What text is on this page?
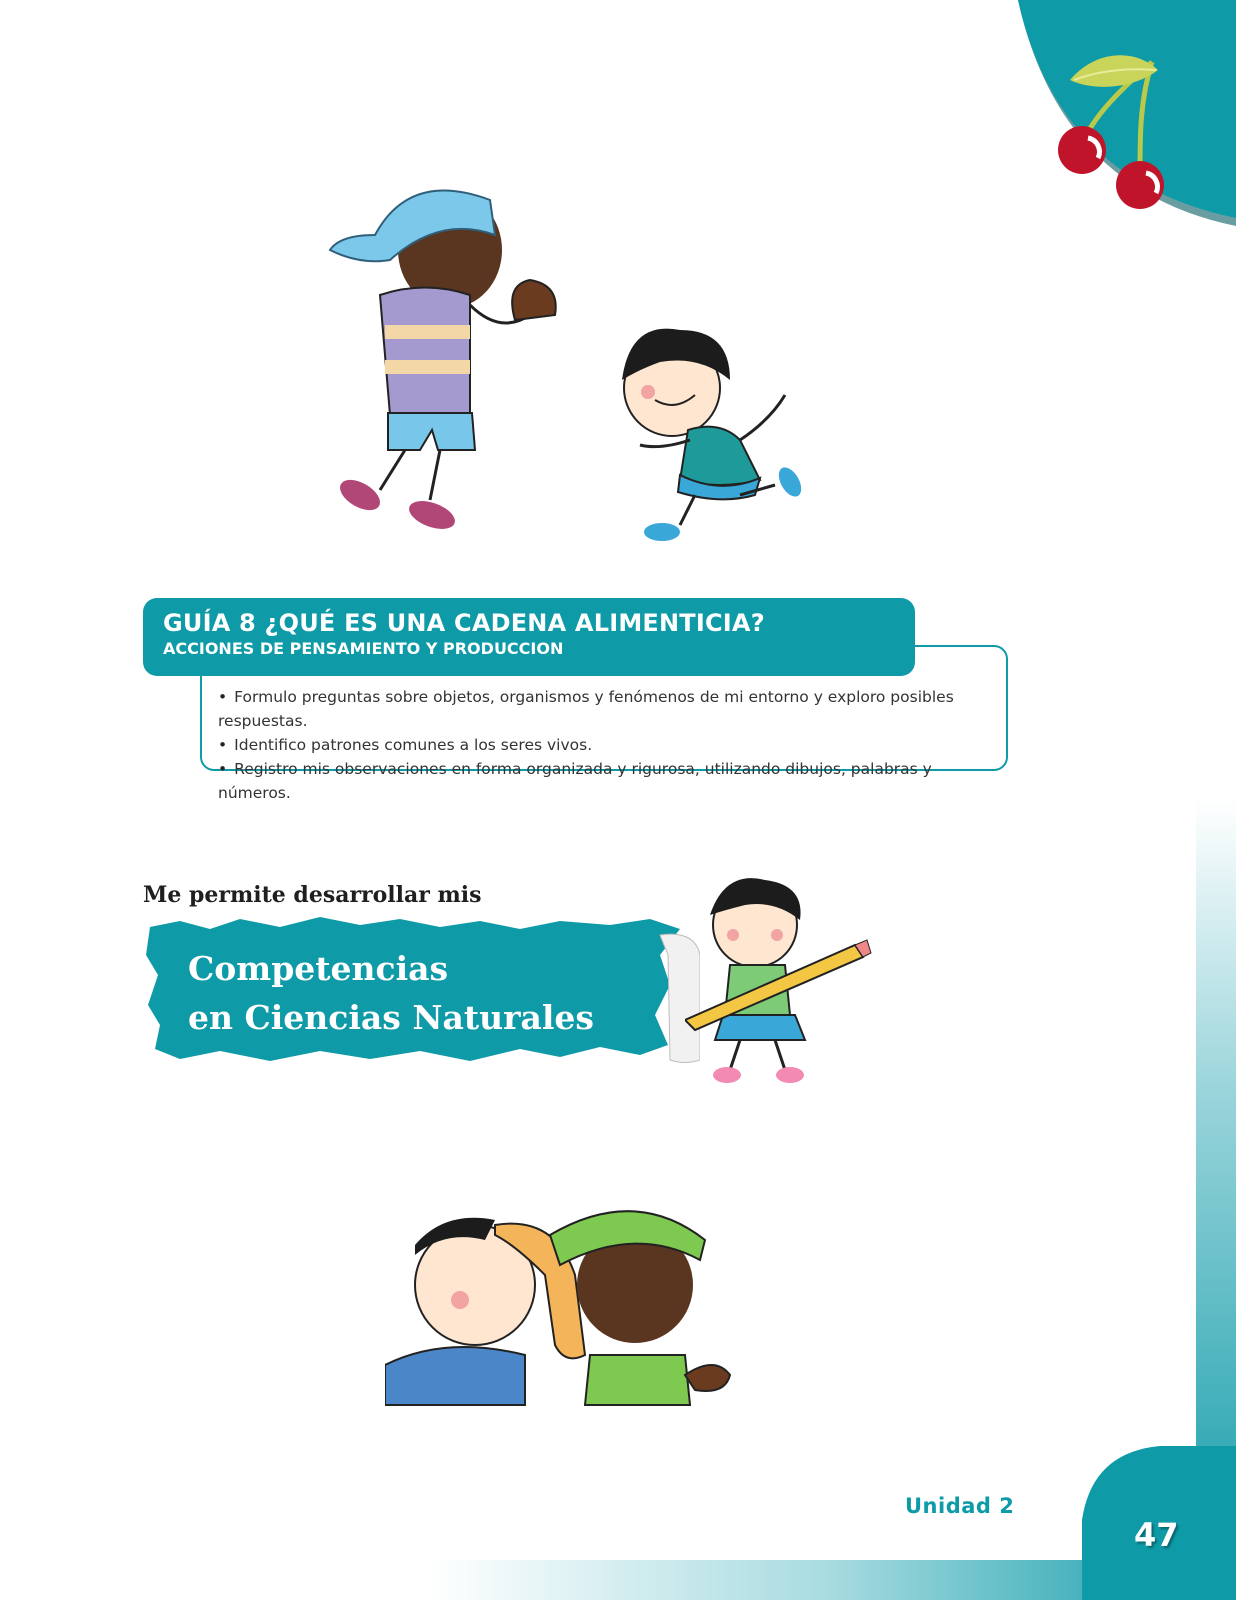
GUÍA 8 ¿QUÉ ES UNA CADENA ALIMENTICIA?
ACCIONES DE PENSAMIENTO Y PRODUCCION
• Formulo preguntas sobre objetos, organismos y fenómenos de mi entorno y exploro posibles respuestas.
• Identifico patrones comunes a los seres vivos.
• Registro mis observaciones en forma organizada y rigurosa, utilizando dibujos, palabras y números.
Me permite desarrollar mis
Competencias
en Ciencias Naturales
Unidad 2
47
